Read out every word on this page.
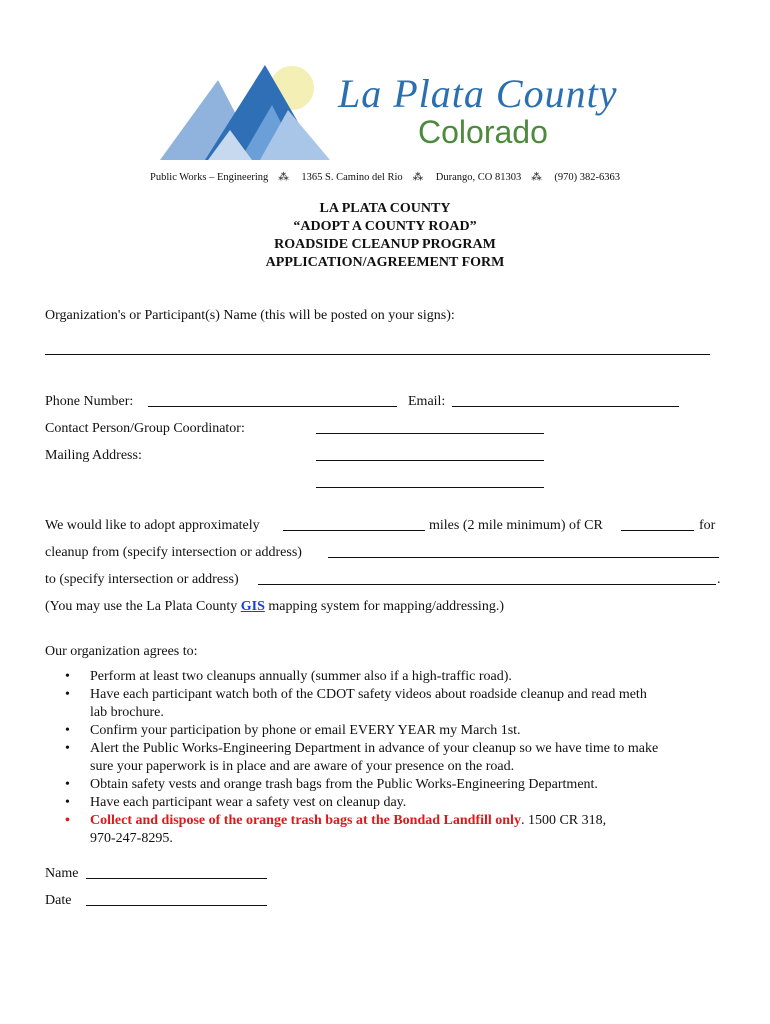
La Plata County
Colorado
Public Works – Engineering ⁂ 1365 S. Camino del Rio ⁂ Durango, CO 81303 ⁂ (970) 382-6363
LA PLATA COUNTY
“ADOPT A COUNTY ROAD”
ROADSIDE CLEANUP PROGRAM
APPLICATION/AGREEMENT FORM
Organization's or Participant(s) Name (this will be posted on your signs):
Phone Number:	Email:
Contact Person/Group Coordinator:
Mailing Address:
We would like to adopt approximately	miles (2 mile minimum) of CR	for
cleanup from (specify intersection or address)
to (specify intersection or address)	.
(You may use the La Plata County GIS mapping system for mapping/addressing.)
Our organization agrees to:
• Perform at least two cleanups annually (summer also if a high-traffic road).
• Have each participant watch both of the CDOT safety videos about roadside cleanup and read meth
lab brochure.
• Confirm your participation by phone or email EVERY YEAR my March 1st.
• Alert the Public Works-Engineering Department in advance of your cleanup so we have time to make
sure your paperwork is in place and are aware of your presence on the road.
• Obtain safety vests and orange trash bags from the Public Works-Engineering Department.
• Have each participant wear a safety vest on cleanup day.
• Collect and dispose of the orange trash bags at the Bondad Landfill only. 1500 CR 318,
970-247-8295.
Name
Date
